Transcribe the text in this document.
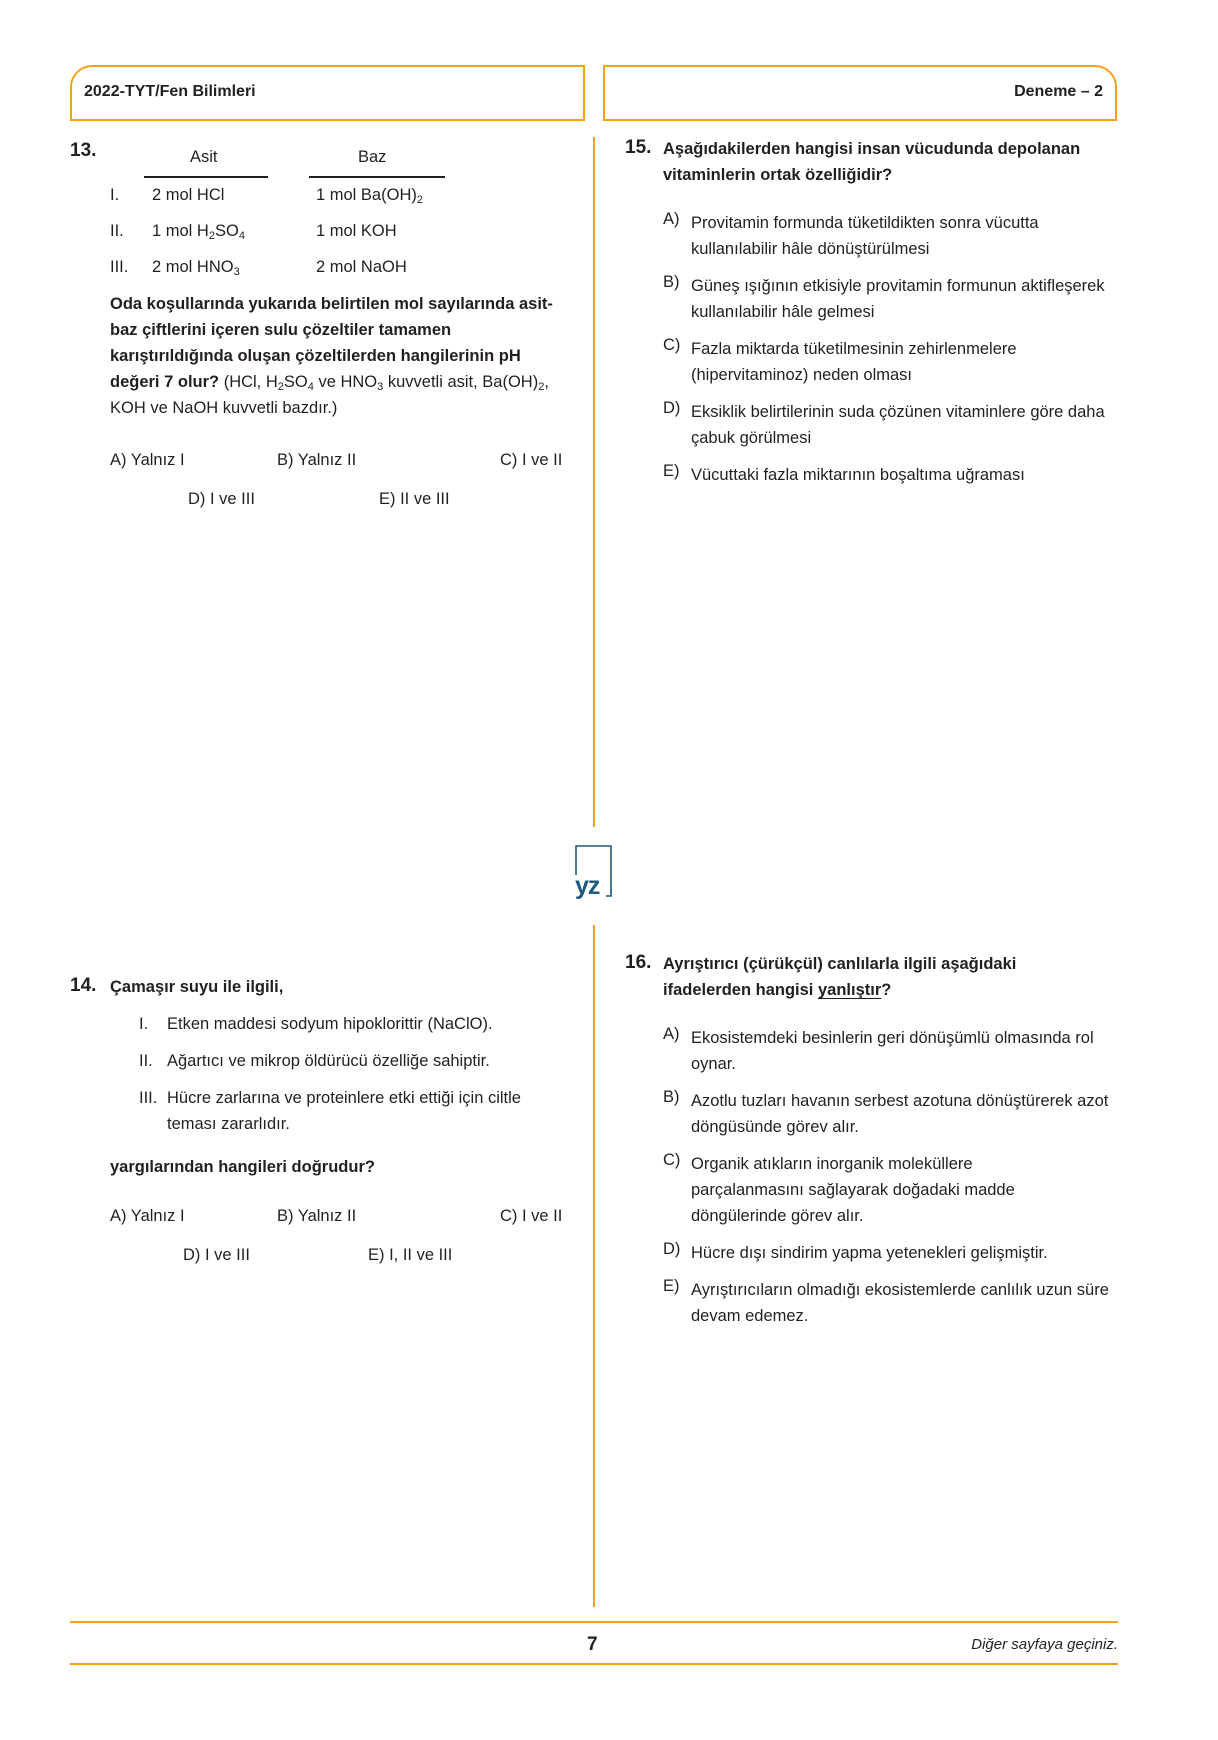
2022-TYT/Fen Bilimleri	Deneme – 2
yz
13.	Asit	Baz
I. 2 mol HCl	1 mol $Ba(OH)_2$
II. 1 mol $H_2SO_4$	1 mol KOH
III. 2 mol $HNO_3$	2 mol NaOH
Oda koşullarında yukarıda belirtilen mol sayılarında asit-baz çiftlerini içeren sulu çözeltiler tamamen karıştırıldığında oluşan çözeltilerden hangilerinin pH değeri 7 olur? (HCl, $H_2SO_4$ ve $HNO_3$ kuvvetli asit, $Ba(OH)_2$, KOH ve NaOH kuvvetli bazdır.)
A) Yalnız I	B) Yalnız II	C) I ve II
D) I ve III	E) II ve III
14. Çamaşır suyu ile ilgili,
I.	Etken maddesi sodyum hipoklorittir (NaClO).
II. Ağartıcı ve mikrop öldürücü özelliğe sahiptir.
III. Hücre zarlarına ve proteinlere etki ettiği için ciltle teması zararlıdır.
yargılarından hangileri doğrudur?
A) Yalnız I	B) Yalnız II	C) I ve II
D) I ve III	E) I, II ve III
15. Aşağıdakilerden hangisi insan vücudunda depolanan vitaminlerin ortak özelliğidir?
A) Provitamin formunda tüketildikten sonra vücutta kullanılabilir hâle dönüştürülmesi
B) Güneş ışığının etkisiyle provitamin formunun aktifleşerek kullanılabilir hâle gelmesi
C) Fazla miktarda tüketilmesinin zehirlenmelere (hipervitaminoz) neden olması
D) Eksiklik belirtilerinin suda çözünen vitaminlere göre daha çabuk görülmesi
E) Vücuttaki fazla miktarının boşaltıma uğraması
16. Ayrıştırıcı (çürükçül) canlılarla ilgili aşağıdaki
ifadelerden hangisi yanlıştır?
A) Ekosistemdeki besinlerin geri dönüşümlü olmasında rol oynar.
B) Azotlu tuzları havanın serbest azotuna dönüştürerek azot döngüsünde görev alır.
C) Organik atıkların inorganik moleküllere parçalanmasını sağlayarak doğadaki madde döngülerinde görev alır.
D) Hücre dışı sindirim yapma yetenekleri gelişmiştir.
E) Ayrıştırıcıların olmadığı ekosistemlerde canlılık uzun süre devam edemez.
7	Diğer sayfaya geçiniz.
